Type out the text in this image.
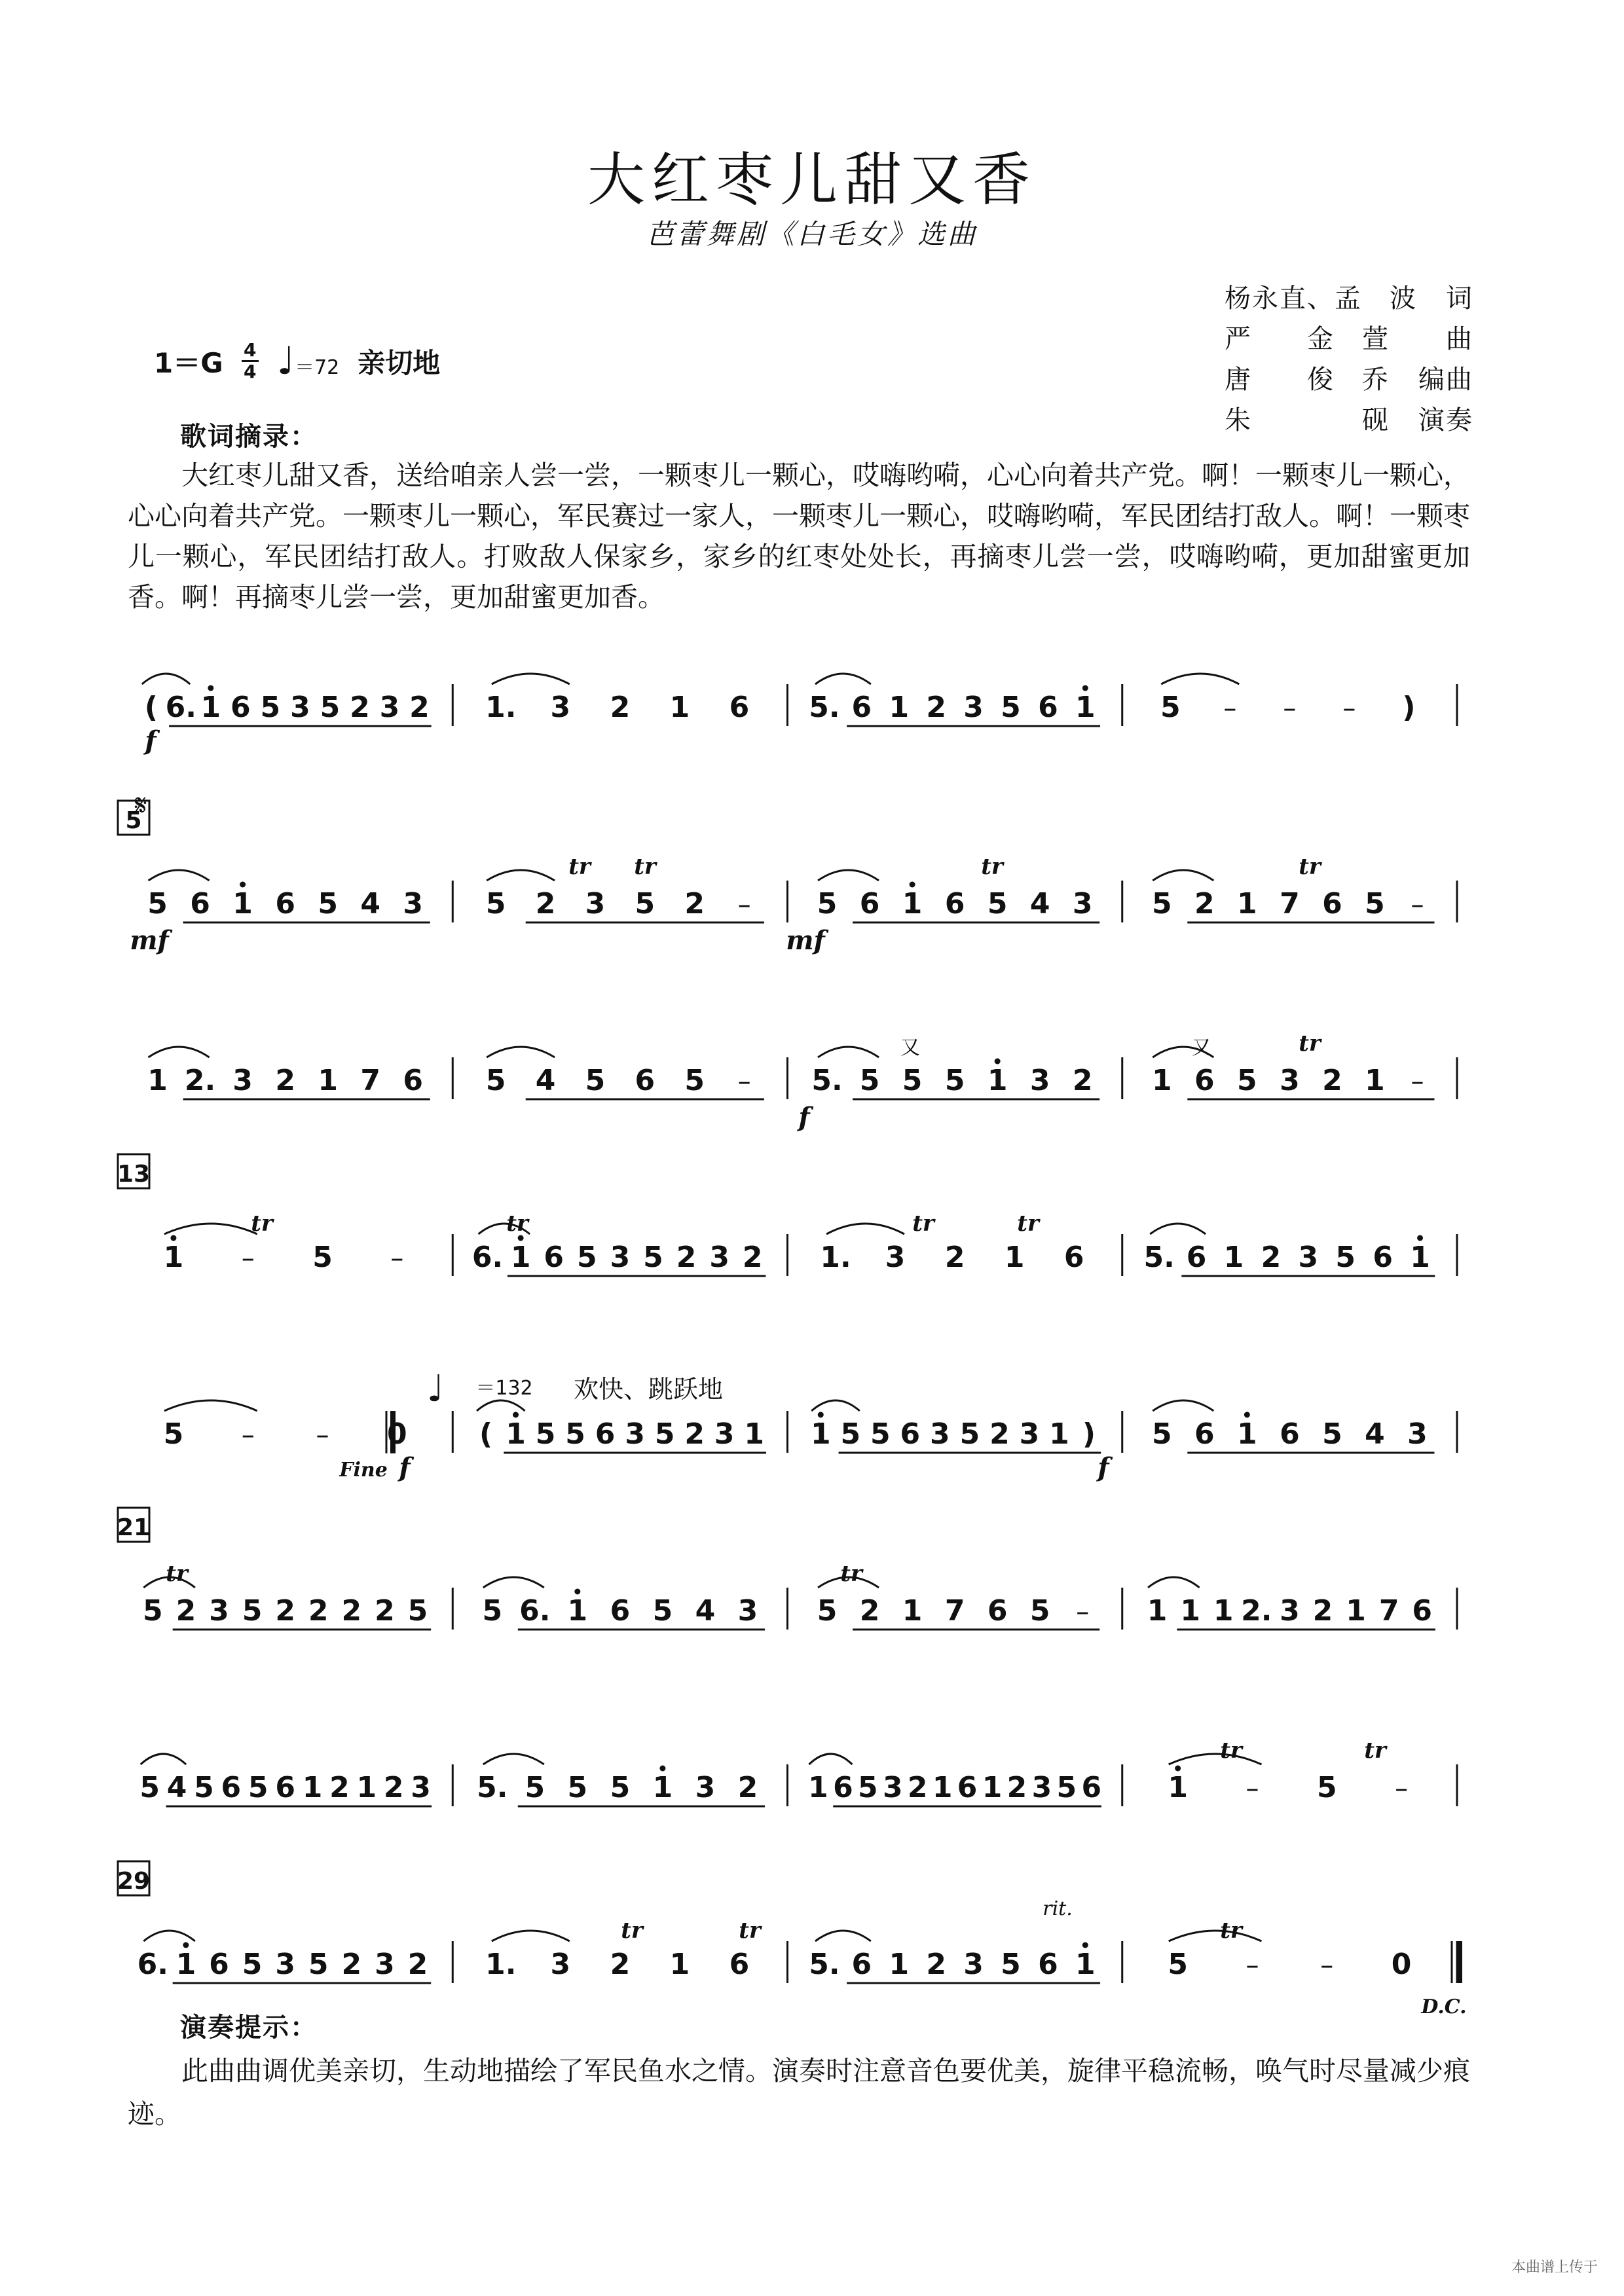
大红枣儿甜又香
芭蕾舞剧《白毛女》选曲
杨永直、孟　波 词
严　　金　萱 曲
唐　　俊　乔 编曲
朱　　　　砚 演奏
1＝G 4
4 ♩＝72 亲切地
歌词摘录：
大红枣儿甜又香，送给咱亲人尝一尝，一颗枣儿一颗心，哎嗨哟嗬，心心向着共产党。啊！一颗枣儿一颗心，心心向着共产党。一颗枣儿一颗心，军民赛过一家人，一颗枣儿一颗心，哎嗨哟嗬，军民团结打敌人。啊！一颗枣儿一颗心，军民团结打敌人。打败敌人保家乡，家乡的红枣处处长，再摘枣儿尝一尝，哎嗨哟嗬，更加甜蜜更加香。啊！再摘枣儿尝一尝，更加甜蜜更加香。
( 6. 1 6 5 3 5 2 3 2 1. 3 2 1 6 5. 6 1 2 3 5 6 1 5 – – – )
5 6 1 6 5 4 3 5 2 3 5 2 – 5 6 1 6 5 4 3 5 2 1 7 6 5 –
1 2. 3 2 1 7 6 5 4 5 6 5 – 5. 5 5 5 1 3 2 1 6 5 3 2 1 –
1 – 5 – 6. 1 6 5 3 5 2 3 2 1. 3 2 1 6 5. 6 1 2 3 5 6 1
5 – – 0	( 1 5 5 6 3 5 2 3 1 1 5 5 6 3 5 2 3 1 ) 5 6 1 6 5 4 3
5 2 3 5 2 2 2 2 5 5 6. 1 6 5 4 3 5 2 1 7 6 5 – 1 1 1 2. 3 2 1 7 6
5 4 5 6 5 6 1 2 1 2 3 5. 5 5 5 1 3 2 1 6 5 3 2 1 6 1 2 3 5 6 1 – 5 –
6. 1 6 5 3 5 2 3 2 1. 3 2 1 6 5. 6 1 2 3 5 6 1	5 – – 0
5
13
21
29
𝄋
f
mf	mf
f
f	f
Fine
D.C.
tr tr	tr	tr
tr
tr	tr	tr	tr
tr	tr
tr	tr
tr	tr	tr
又	又
rit.
♩ ＝132 欢快、跳跃地
演奏提示：
此曲曲调优美亲切，生动地描绘了军民鱼水之情。演奏时注意音色要优美，旋律平稳流畅，唤气时尽量减少痕迹。
本曲谱上传于
